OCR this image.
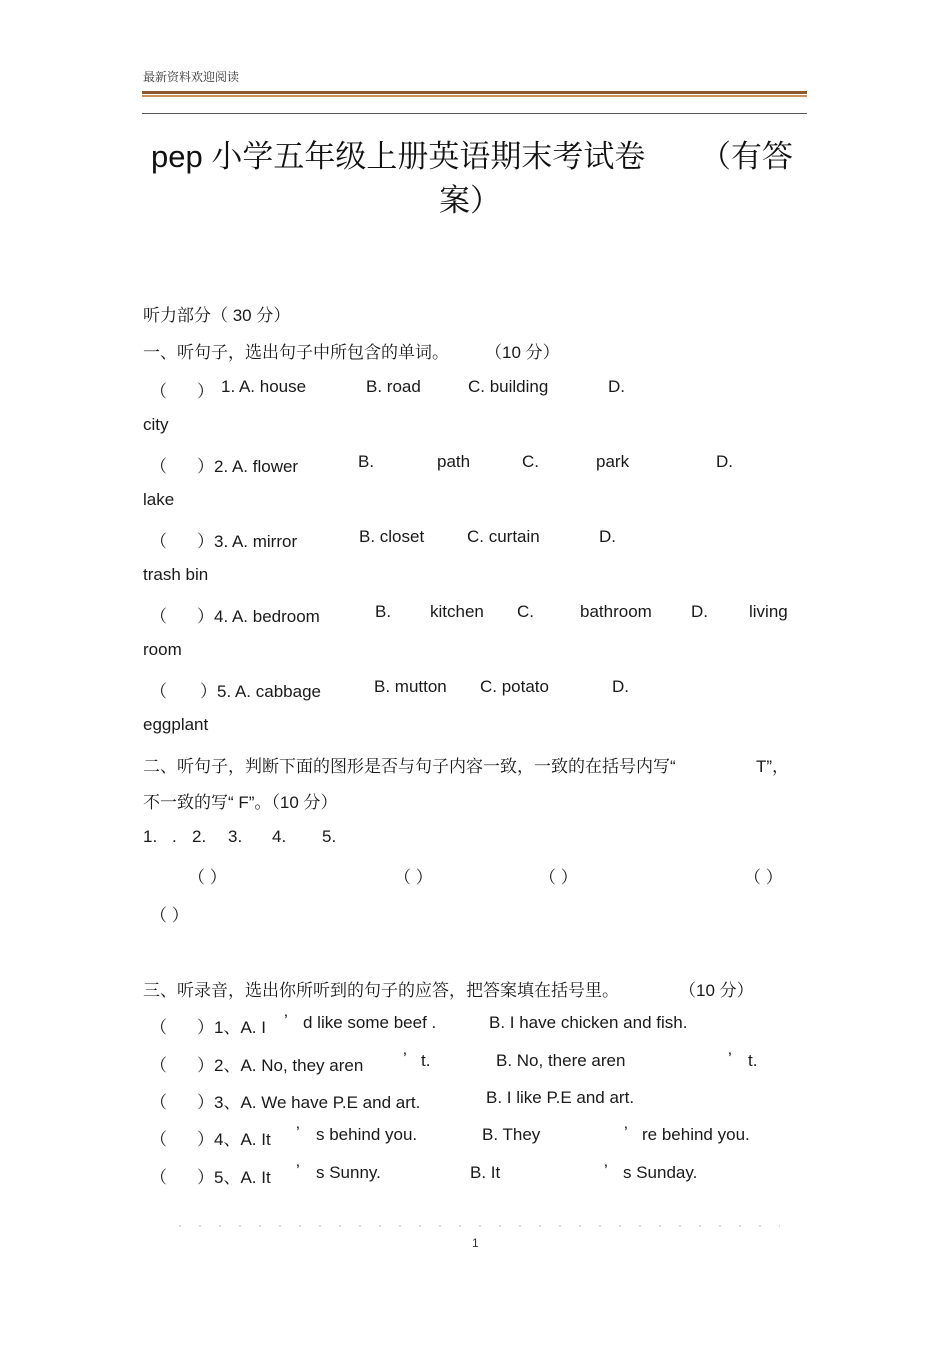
最新资料欢迎阅读
pep 小学五年级上册英语期末考试卷 （有答
案）
听力部分（ 30 分）
一、听句子，选出句子中所包含的单词。 （10 分）
（ ） 1. A. house	B. road	C. building	D.
city
（ ）2. A. flower	B.	path	C.	park	D.
lake
（ ）3. A. mirror	B. closet	C. curtain	D.
trash bin
（ ）4. A. bedroom	B. kitchen C.	bathroom D. living
room
（ ）5. A. cabbage	B. mutton C. potato	D.
eggplant
二、听句子，判断下面的图形是否与句子内容一致，一致的在括号内写“	T”，
不一致的写“ F”。（10 分）
1. . 2. 3. 4. 5.
（ ）	（ ）	（ ）	（ ）
（ ）
三、听录音，选出你所听到的句子的应答，把答案填在括号里。	（10 分）
（ ）1、A. I ’ d like some beef .	B. I have chicken and fish.
（ ）2、A. No, they aren ’ t.	B. No, there aren	’ t.
（ ）3、A. We have P.E and art.	B. I like P.E and art.
（ ）4、A. It ’ s behind you.	B. They	’ re behind you.
（ ）5、A. It ’ s Sunny.	B. It	’ s Sunday.
1
